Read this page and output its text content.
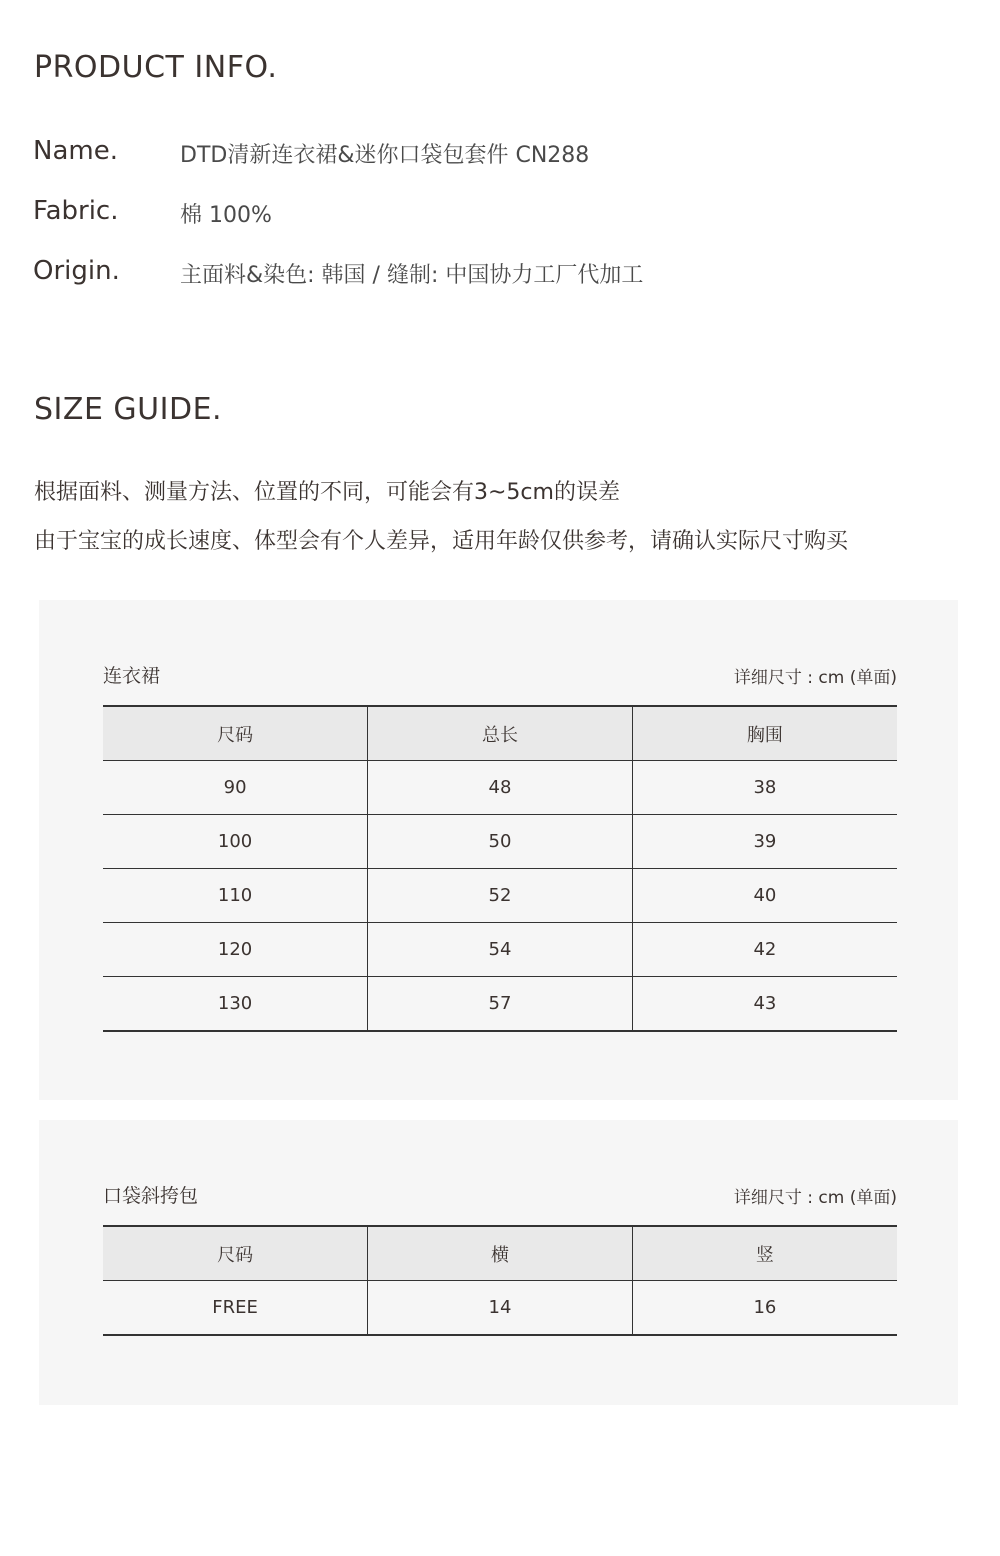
PRODUCT INFO.
Name.	DTD清新连衣裙&迷你口袋包套件 CN288
Fabric.	棉 100%
Origin.	主面料&染色: 韩国 / 缝制: 中国协力工厂代加工
SIZE GUIDE.
根据面料、测量方法、位置的不同，可能会有3~5cm的误差
由于宝宝的成长速度、体型会有个人差异，适用年龄仅供参考，请确认实际尺寸购买
连衣裙	详细尺寸 : cm (单面)
尺码	总长	胸围
90	48	38
100	50	39
110	52	40
120	54	42
130	57	43
口袋斜挎包	详细尺寸 : cm (单面)
尺码	横	竖
FREE	14	16
